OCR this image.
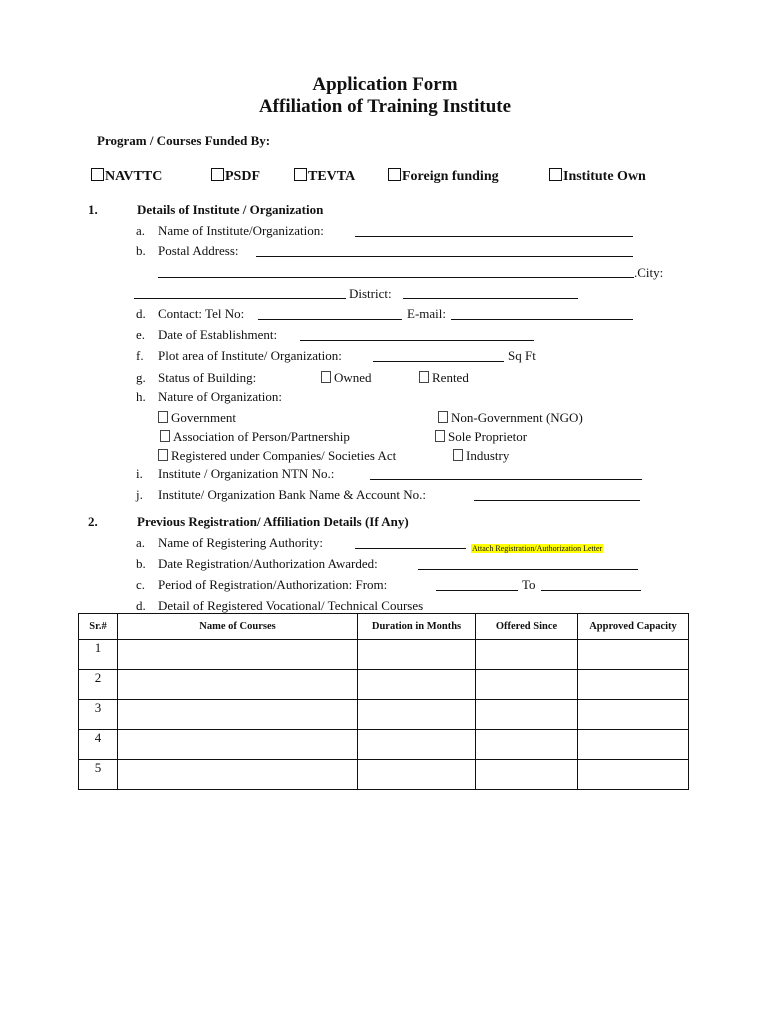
Application Form
Affiliation of Training Institute
Program / Courses Funded By:
NAVTTC	PSDF	TEVTA	Foreign funding	Institute Own
1.	Details of Institute / Organization
a. Name of Institute/Organization:
b. Postal Address:
.City:
District:
d. Contact: Tel No:	E-mail:
e. Date of Establishment:
f. Plot area of Institute/ Organization:	Sq Ft
g. Status of Building:	Owned	Rented
h. Nature of Organization:
Government	Non-Government (NGO)
Association of Person/Partnership	Sole Proprietor
Registered under Companies/ Societies Act	Industry
i. Institute / Organization NTN No.:
j. Institute/ Organization Bank Name & Account No.:
2.	Previous Registration/ Affiliation Details (If Any)
a. Name of Registering Authority:	Attach Registration/Authorization Letter
b. Date Registration/Authorization Awarded:
c. Period of Registration/Authorization: From:	To
d. Detail of Registered Vocational/ Technical Courses
Sr.#	Name of Courses	Duration in Months	Offered Since	Approved Capacity
1				
2				
3				
4				
5				
